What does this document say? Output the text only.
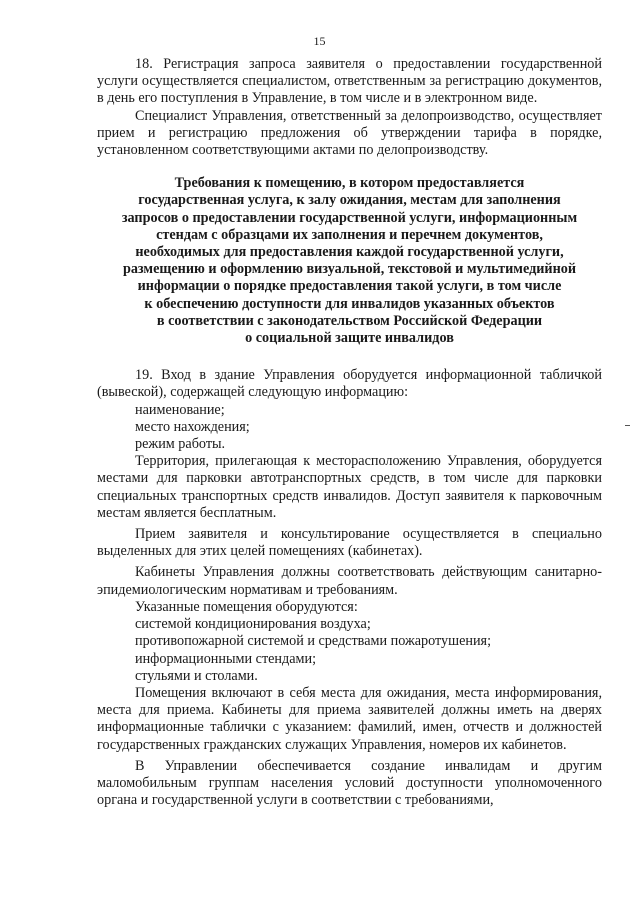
15

18. Регистрация запроса заявителя о предоставлении государственной услуги осуществляется специалистом, ответственным за регистрацию документов, в день его поступления в Управление, в том числе и в электронном виде.

Специалист Управления, ответственный за делопроизводство, осуществляет прием и регистрацию предложения об утверждении тарифа в порядке, установленном соответствующими актами по делопроизводству.

Требования к помещению, в котором предоставляется
государственная услуга, к залу ожидания, местам для заполнения
запросов о предоставлении государственной услуги, информационным
стендам с образцами их заполнения и перечнем документов,
необходимых для предоставления каждой государственной услуги,
размещению и оформлению визуальной, текстовой и мультимедийной
информации о порядке предоставления такой услуги, в том числе
к обеспечению доступности для инвалидов указанных объектов
в соответствии с законодательством Российской Федерации
о социальной защите инвалидов

19. Вход в здание Управления оборудуется информационной табличкой (вывеской), содержащей следующую информацию:

наименование;

место нахождения;

режим работы.

Территория, прилегающая к месторасположению Управления, оборудуется местами для парковки автотранспортных средств, в том числе для парковки специальных транспортных средств инвалидов. Доступ заявителя к парковочным местам является бесплатным.

Прием заявителя и консультирование осуществляется в специально выделенных для этих целей помещениях (кабинетах).

Кабинеты Управления должны соответствовать действующим санитарно-эпидемиологическим нормативам и требованиям.

Указанные помещения оборудуются:

системой кондиционирования воздуха;

противопожарной системой и средствами пожаротушения;

информационными стендами;

стульями и столами.

Помещения включают в себя места для ожидания, места информирования, места для приема. Кабинеты для приема заявителей должны иметь на дверях информационные таблички с указанием: фамилий, имен, отчеств и должностей государственных гражданских служащих Управления, номеров их кабинетов.

В Управлении обеспечивается создание инвалидам и другим маломобильным группам населения условий доступности уполномоченного органа и государственной услуги в соответствии с требованиями,
